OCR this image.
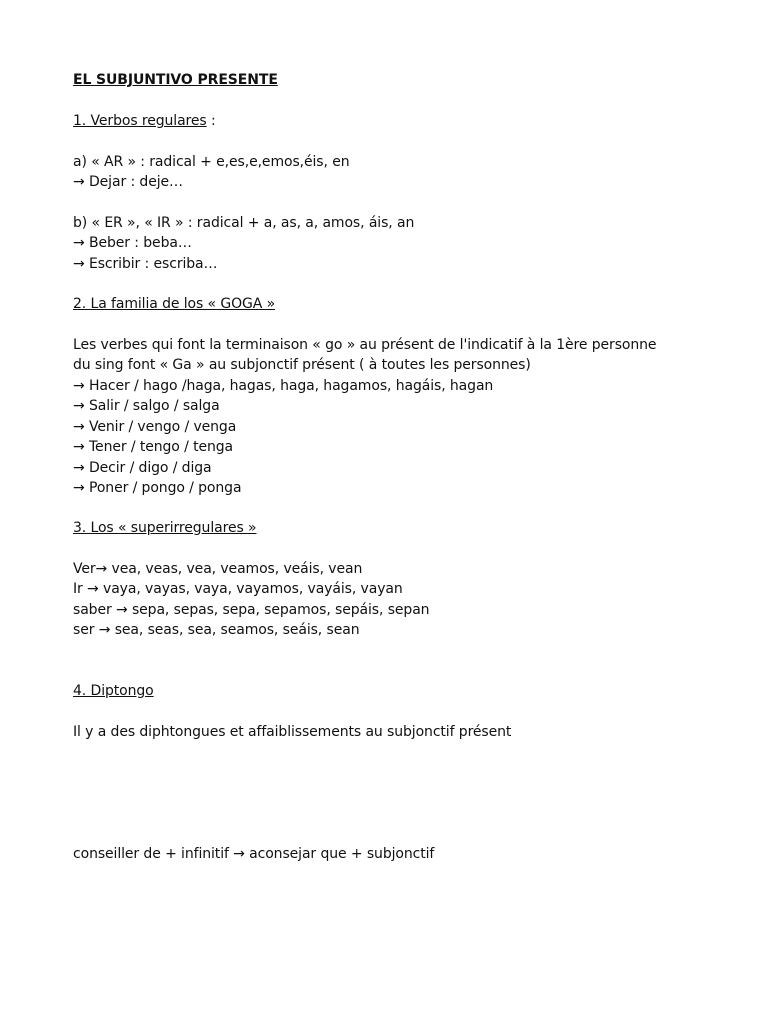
EL SUBJUNTIVO PRESENTE
1. Verbos regulares :
a) « AR » : radical + e,es,e,emos,éis, en
→ Dejar : deje…
b) « ER », « IR » : radical + a, as, a, amos, áis, an
→ Beber : beba…
→ Escribir : escriba…
2. La familia de los « GOGA »
Les verbes qui font la terminaison « go » au présent de l'indicatif à la 1ère personne
du sing font « Ga » au subjonctif présent ( à toutes les personnes)
→ Hacer / hago /haga, hagas, haga, hagamos, hagáis, hagan
→ Salir / salgo / salga
→ Venir / vengo / venga
→ Tener / tengo / tenga
→ Decir / digo / diga
→ Poner / pongo / ponga
3. Los « superirregulares »
Ver→ vea, veas, vea, veamos, veáis, vean
Ir → vaya, vayas, vaya, vayamos, vayáis, vayan
saber → sepa, sepas, sepa, sepamos, sepáis, sepan
ser → sea, seas, sea, seamos, seáis, sean
4. Diptongo
Il y a des diphtongues et affaiblissements au subjonctif présent
conseiller de + infinitif → aconsejar que + subjonctif
